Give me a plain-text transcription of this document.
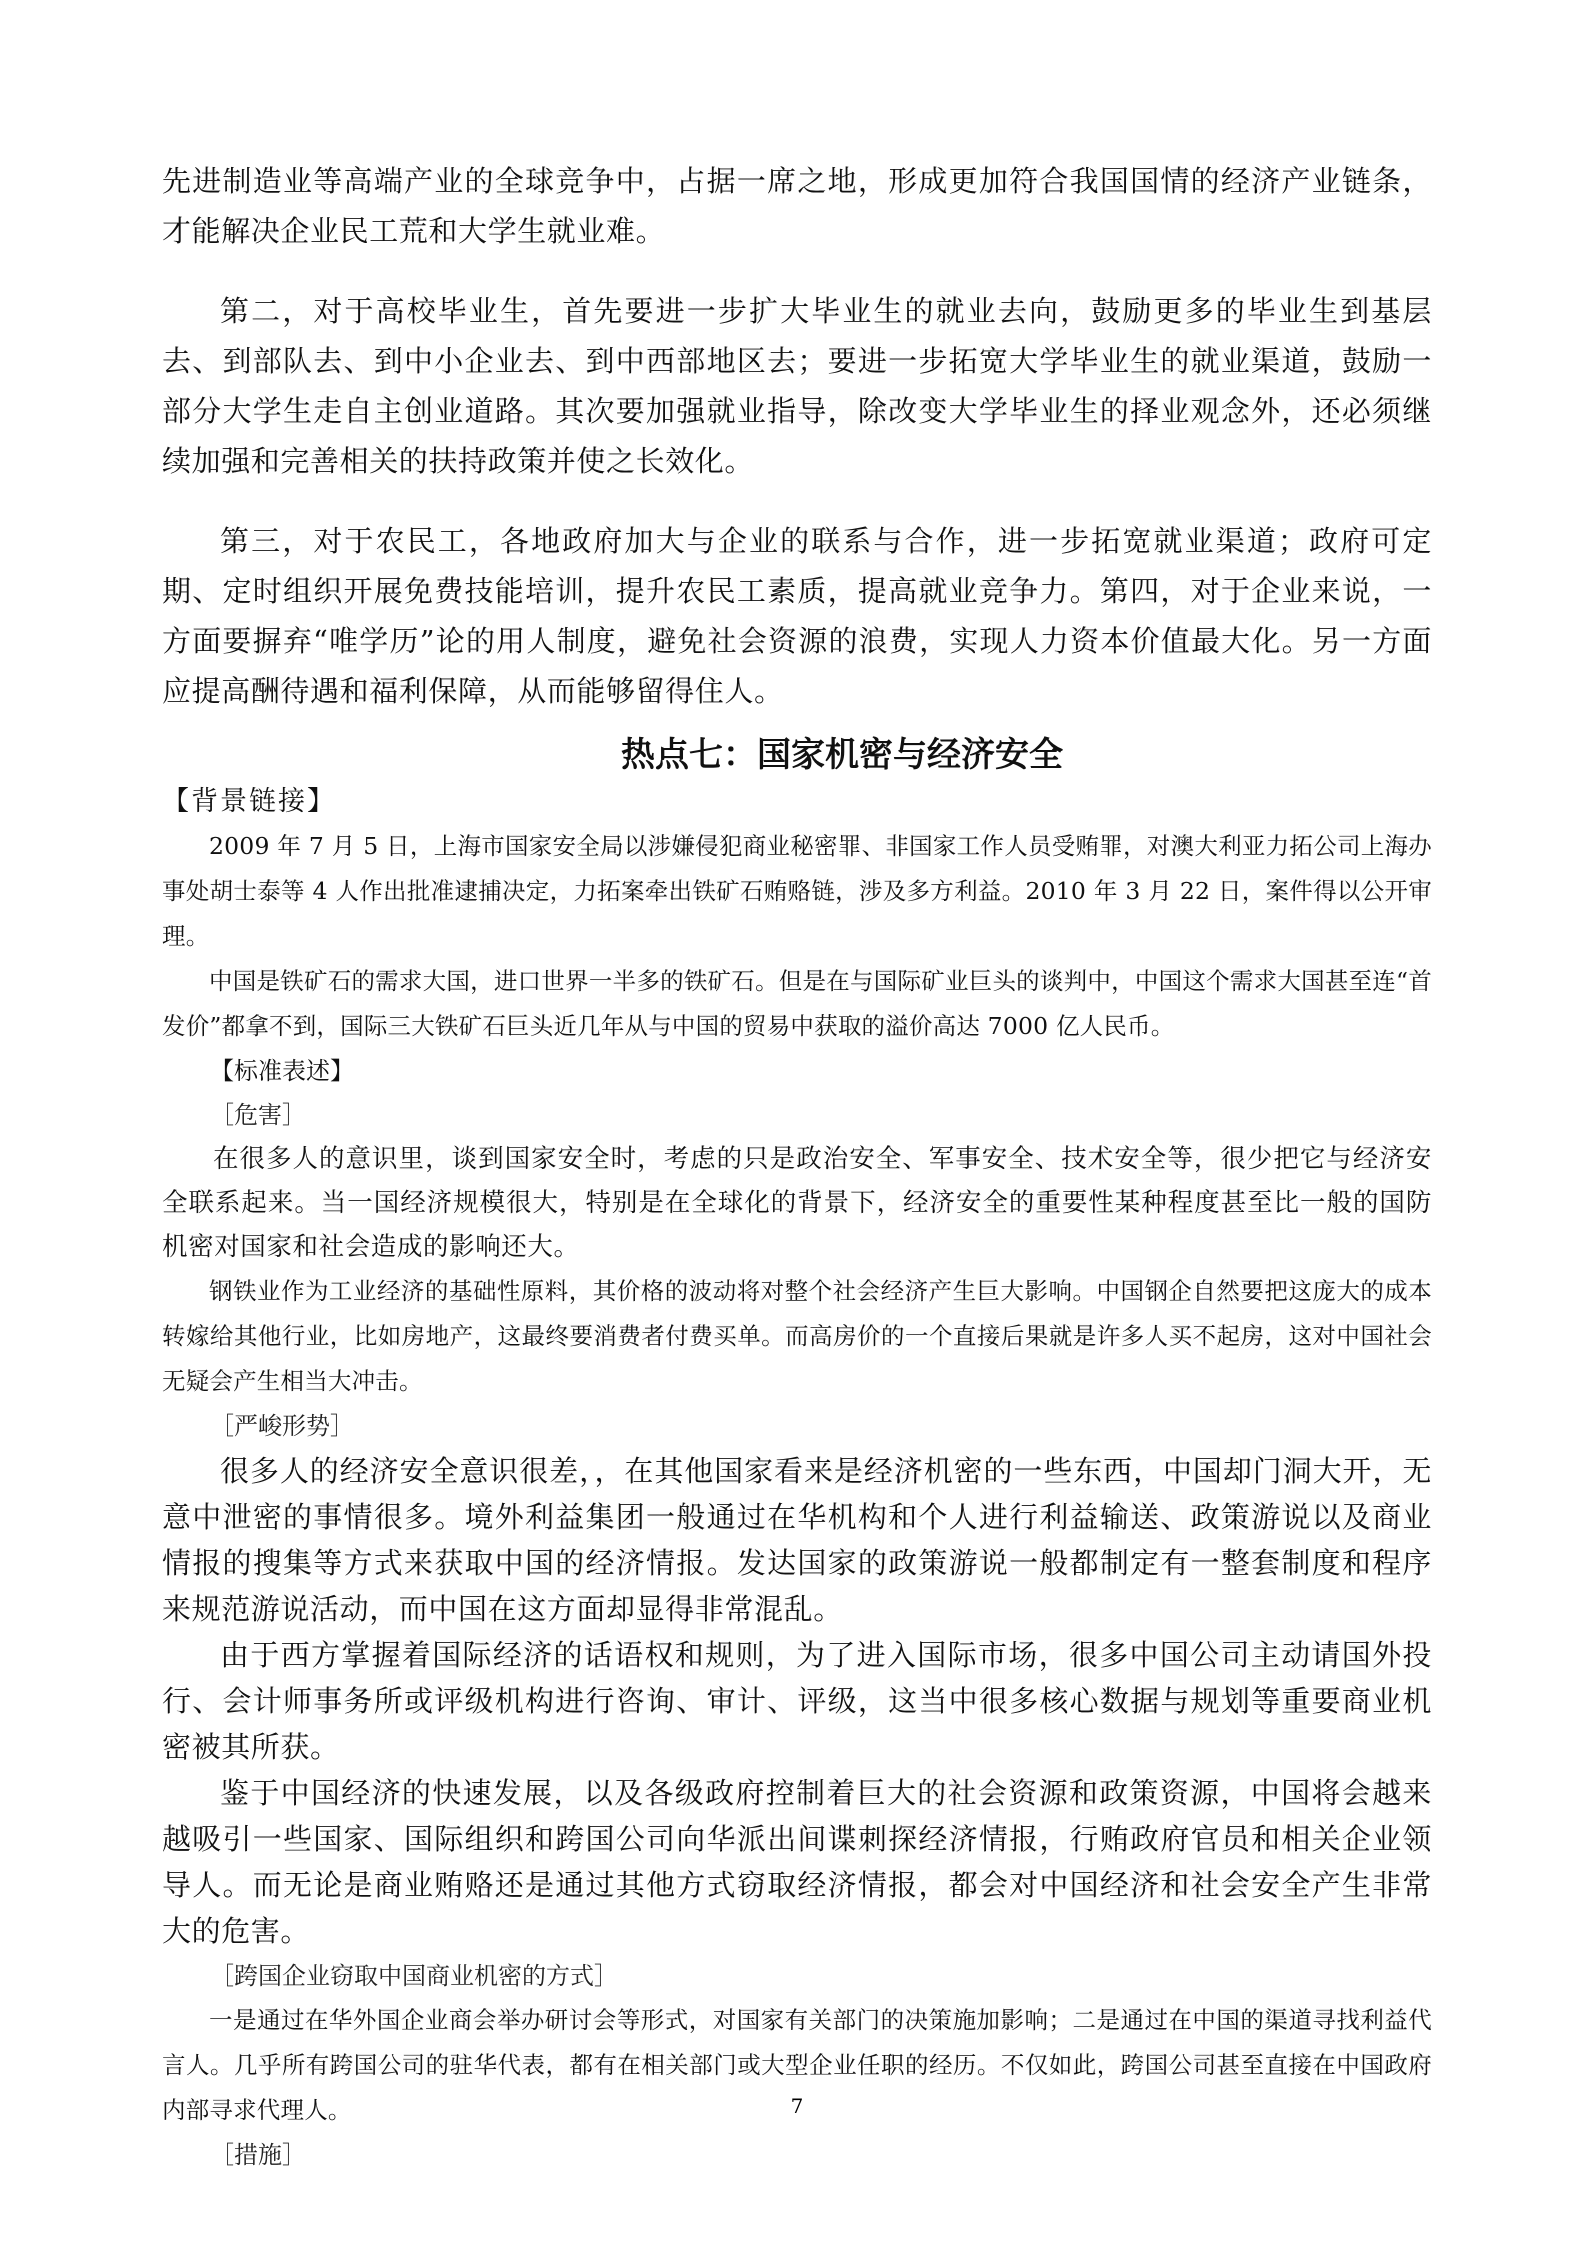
先进制造业等高端产业的全球竞争中，占据一席之地，形成更加符合我国国情的经济产业链条，才能解决企业民工荒和大学生就业难。

第二，对于高校毕业生，首先要进一步扩大毕业生的就业去向，鼓励更多的毕业生到基层去、到部队去、到中小企业去、到中西部地区去；要进一步拓宽大学毕业生的就业渠道，鼓励一部分大学生走自主创业道路。其次要加强就业指导，除改变大学毕业生的择业观念外，还必须继续加强和完善相关的扶持政策并使之长效化。

第三，对于农民工，各地政府加大与企业的联系与合作，进一步拓宽就业渠道；政府可定期、定时组织开展免费技能培训，提升农民工素质，提高就业竞争力。第四，对于企业来说，一方面要摒弃“唯学历”论的用人制度，避免社会资源的浪费，实现人力资本价值最大化。另一方面应提高酬待遇和福利保障，从而能够留得住人。

热点七：国家机密与经济安全
【背景链接】

2009 年 7 月 5 日，上海市国家安全局以涉嫌侵犯商业秘密罪、非国家工作人员受贿罪，对澳大利亚力拓公司上海办事处胡士泰等 4 人作出批准逮捕决定，力拓案牵出铁矿石贿赂链，涉及多方利益。2010 年 3 月 22 日，案件得以公开审理。

中国是铁矿石的需求大国，进口世界一半多的铁矿石。但是在与国际矿业巨头的谈判中，中国这个需求大国甚至连“首发价”都拿不到，国际三大铁矿石巨头近几年从与中国的贸易中获取的溢价高达 7000 亿人民币。

【标准表述】
［危害］

在很多人的意识里，谈到国家安全时，考虑的只是政治安全、军事安全、技术安全等，很少把它与经济安全联系起来。当一国经济规模很大，特别是在全球化的背景下，经济安全的重要性某种程度甚至比一般的国防机密对国家和社会造成的影响还大。

钢铁业作为工业经济的基础性原料，其价格的波动将对整个社会经济产生巨大影响。中国钢企自然要把这庞大的成本转嫁给其他行业，比如房地产，这最终要消费者付费买单。而高房价的一个直接后果就是许多人买不起房，这对中国社会无疑会产生相当大冲击。

［严峻形势］

很多人的经济安全意识很差，，在其他国家看来是经济机密的一些东西，中国却门洞大开，无意中泄密的事情很多。境外利益集团一般通过在华机构和个人进行利益输送、政策游说以及商业情报的搜集等方式来获取中国的经济情报。发达国家的政策游说一般都制定有一整套制度和程序来规范游说活动，而中国在这方面却显得非常混乱。

由于西方掌握着国际经济的话语权和规则，为了进入国际市场，很多中国公司主动请国外投行、会计师事务所或评级机构进行咨询、审计、评级，这当中很多核心数据与规划等重要商业机密被其所获。

鉴于中国经济的快速发展，以及各级政府控制着巨大的社会资源和政策资源，中国将会越来越吸引一些国家、国际组织和跨国公司向华派出间谍刺探经济情报，行贿政府官员和相关企业领导人。而无论是商业贿赂还是通过其他方式窃取经济情报，都会对中国经济和社会安全产生非常大的危害。

［跨国企业窃取中国商业机密的方式］

一是通过在华外国企业商会举办研讨会等形式，对国家有关部门的决策施加影响；二是通过在中国的渠道寻找利益代言人。几乎所有跨国公司的驻华代表，都有在相关部门或大型企业任职的经历。不仅如此，跨国公司甚至直接在中国政府内部寻求代理人。

［措施］
7
